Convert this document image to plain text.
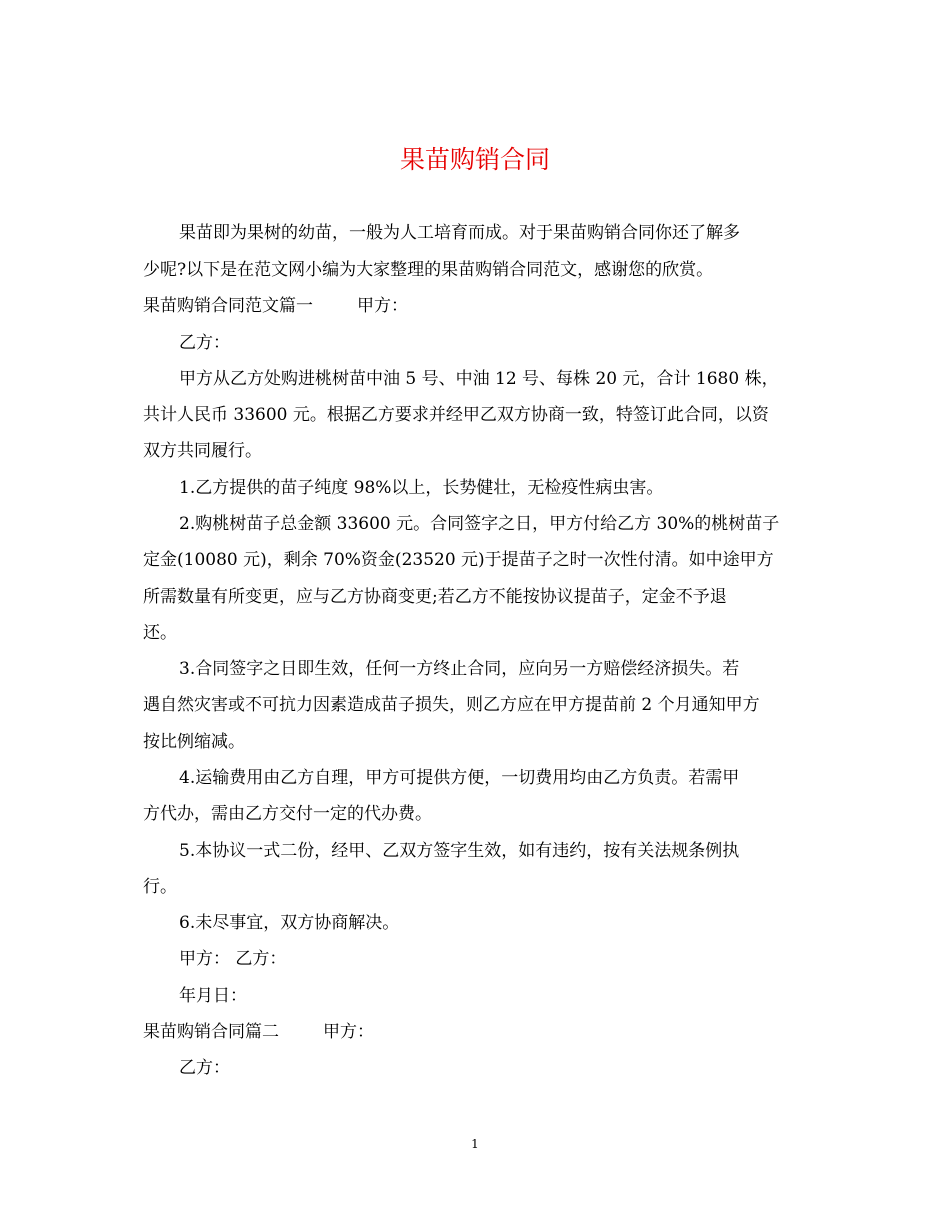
果苗购销合同
果苗即为果树的幼苗，一般为人工培育而成。对于果苗购销合同你还了解多
少呢?以下是在范文网小编为大家整理的果苗购销合同范文，感谢您的欣赏。
果苗购销合同范文篇一	甲方：
乙方：
甲方从乙方处购进桃树苗中油 5 号、中油 12 号、每株 20 元，合计 1680 株，
共计人民币 33600 元。根据乙方要求并经甲乙双方协商一致，特签订此合同，以资
双方共同履行。
1.乙方提供的苗子纯度 98%以上，长势健壮，无检疫性病虫害。
2.购桃树苗子总金额 33600 元。合同签字之日，甲方付给乙方 30%的桃树苗子
定金(10080 元)，剩余 70%资金(23520 元)于提苗子之时一次性付清。如中途甲方
所需数量有所变更，应与乙方协商变更;若乙方不能按协议提苗子，定金不予退
还。
3.合同签字之日即生效，任何一方终止合同，应向另一方赔偿经济损失。若
遇自然灾害或不可抗力因素造成苗子损失，则乙方应在甲方提苗前 2 个月通知甲方
按比例缩减。
4.运输费用由乙方自理，甲方可提供方便，一切费用均由乙方负责。若需甲
方代办，需由乙方交付一定的代办费。
5.本协议一式二份，经甲、乙双方签字生效，如有违约，按有关法规条例执
行。
6.未尽事宜，双方协商解决。
甲方： 乙方：
年月日：
果苗购销合同篇二	甲方：
乙方：
1
